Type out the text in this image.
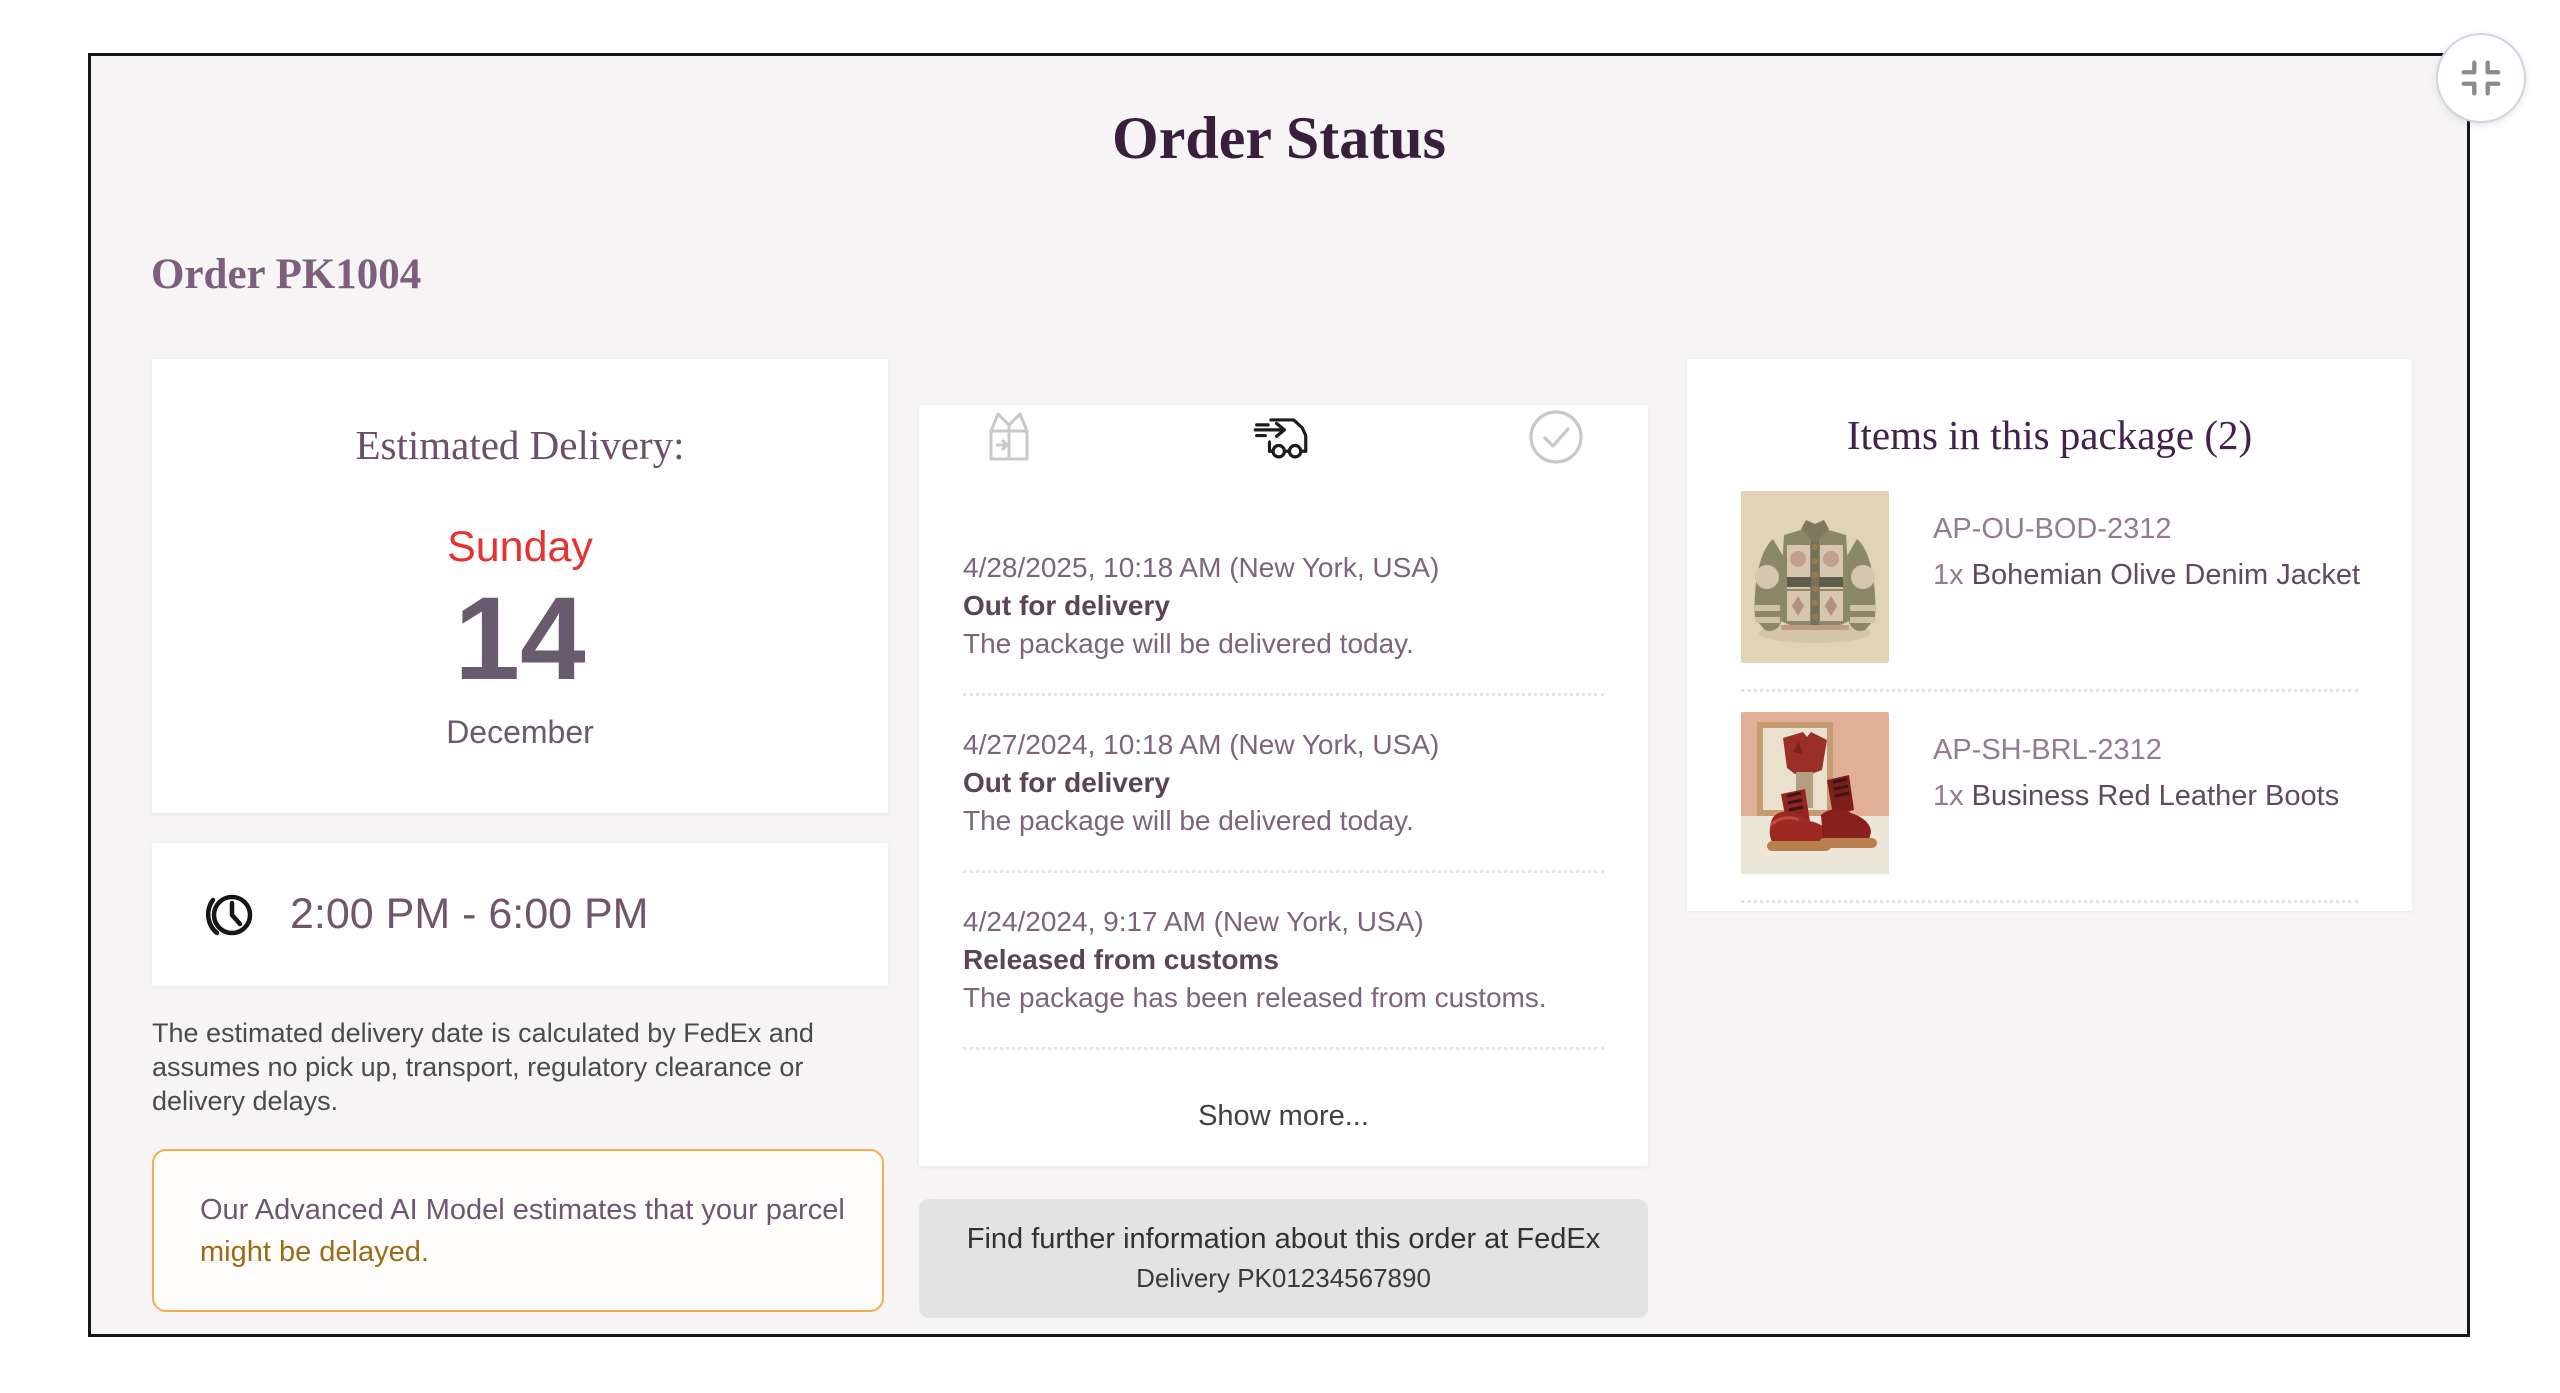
Order Status
Order PK1004
Estimated Delivery:
Sunday
14
December
2:00 PM - 6:00 PM

The estimated delivery date is calculated by FedEx and assumes no pick up, transport, regulatory clearance or delivery delays.

Our Advanced AI Model estimates that your parcel
might be delayed.
4/28/2025, 10:18 AM (New York, USA)
Out for delivery
The package will be delivered today.
4/27/2024, 10:18 AM (New York, USA)
Out for delivery
The package will be delivered today.
4/24/2024, 9:17 AM (New York, USA)
Released from customs
The package has been released from customs.
Show more...
Find further information about this order at FedEx
Delivery PK01234567890
Items in this package (2)
AP-OU-BOD-2312
1x Bohemian Olive Denim Jacket
AP-SH-BRL-2312
1x Business Red Leather Boots
